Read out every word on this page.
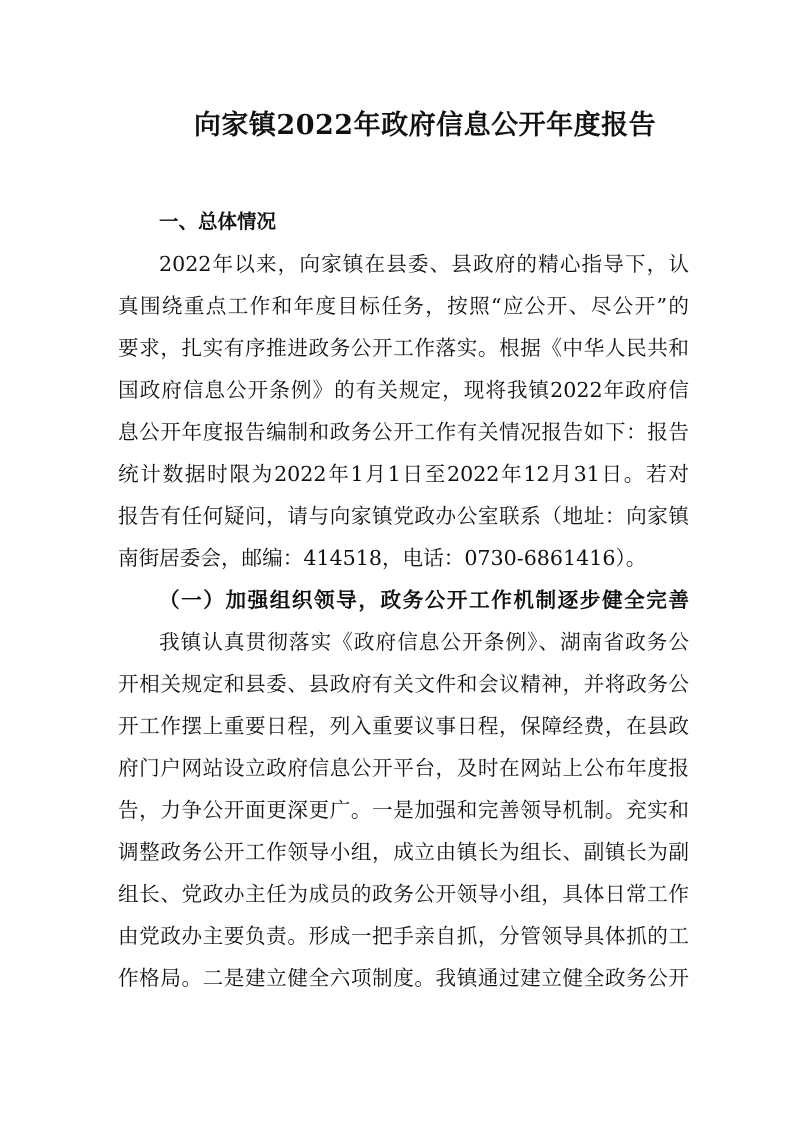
向家镇2022年政府信息公开年度报告
一、总体情况
2022年以来，向家镇在县委、县政府的精心指导下，认
真围绕重点工作和年度目标任务，按照“应公开、尽公开”的
要求，扎实有序推进政务公开工作落实。根据《中华人民共和
国政府信息公开条例》的有关规定，现将我镇2022年政府信
息公开年度报告编制和政务公开工作有关情况报告如下：报告
统计数据时限为2022年1月1日至2022年12月31日。若对
报告有任何疑问，请与向家镇党政办公室联系（地址：向家镇
南街居委会，邮编：414518，电话：0730-6861416）。
（一）加强组织领导，政务公开工作机制逐步健全完善
我镇认真贯彻落实《政府信息公开条例》、湖南省政务公
开相关规定和县委、县政府有关文件和会议精神，并将政务公
开工作摆上重要日程，列入重要议事日程，保障经费，在县政
府门户网站设立政府信息公开平台，及时在网站上公布年度报
告，力争公开面更深更广。一是加强和完善领导机制。充实和
调整政务公开工作领导小组，成立由镇长为组长、副镇长为副
组长、党政办主任为成员的政务公开领导小组，具体日常工作
由党政办主要负责。形成一把手亲自抓，分管领导具体抓的工
作格局。二是建立健全六项制度。我镇通过建立健全政务公开
